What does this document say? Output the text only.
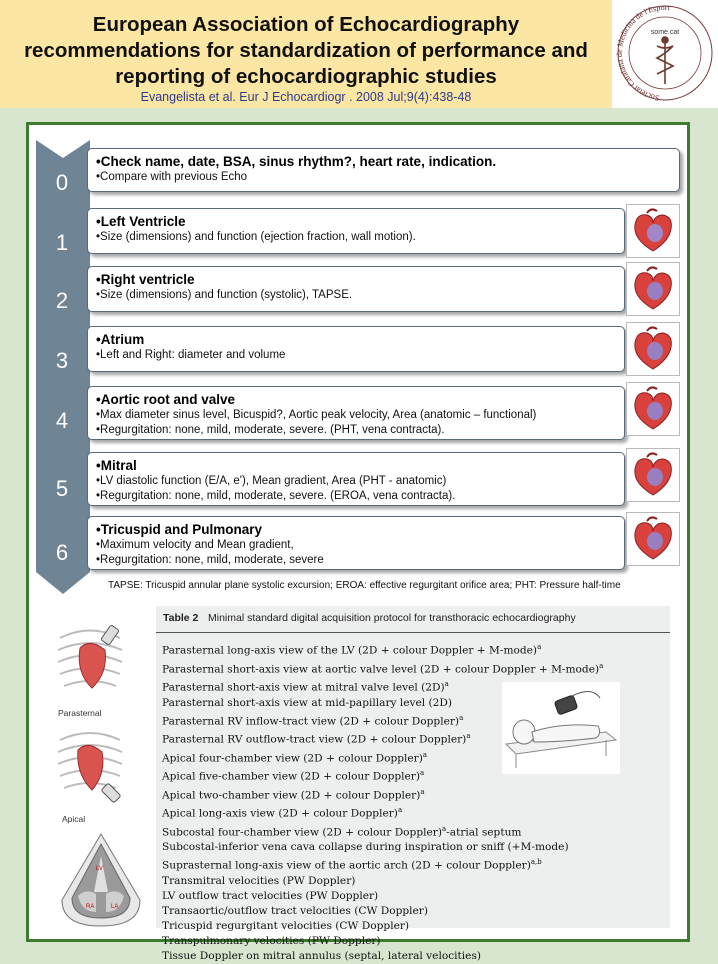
European Association of Echocardiography
recommendations for standardization of performance and
reporting of echocardiographic studies
Evangelista et al. Eur J Echocardiogr . 2008 Jul;9(4):438-48	Societat Catalana de Medicina de l'Esport
some.cat
0
•Check name, date, BSA, sinus rhythm?, heart rate, indication.
•Compare with previous Echo
1
•Left Ventricle
•Size (dimensions) and function (ejection fraction, wall motion).
2
•Right ventricle
•Size (dimensions) and function (systolic), TAPSE.
3
•Atrium
•Left and Right: diameter and volume
4
•Aortic root and valve
•Max diameter sinus level, Bicuspid?, Aortic peak velocity, Area (anatomic – functional)
•Regurgitation: none, mild, moderate, severe. (PHT, vena contracta).
5
•Mitral
•LV diastolic function (E/A, e'), Mean gradient, Area (PHT - anatomic)
•Regurgitation: none, mild, moderate, severe. (EROA, vena contracta).
6
•Tricuspid and Pulmonary
•Maximum velocity and Mean gradient,
•Regurgitation: none, mild, moderate, severe
TAPSE: Tricuspid annular plane systolic excursion; EROA: effective regurgitant orifice area; PHT: Pressure half-time
Parasternal
Apical
LV
RA	LA
Table 2 Minimal standard digital acquisition protocol for transthoracic echocardiography
Parasternal long-axis view of the LV (2D + colour Doppler + M-mode)$^a$
Parasternal short-axis view at aortic valve level (2D + colour Doppler + M-mode)$^a$
Parasternal short-axis view at mitral valve level $(2D)^a$
Parasternal short-axis view at mid-papillary level (2D)
Parasternal RV inflow-tract view (2D + colour Doppler)$^a$
Parasternal RV outflow-tract view (2D + colour Doppler)$^a$
Apical four-chamber view (2D + colour Doppler)$^a$
Apical five-chamber view (2D + colour Doppler)$^a$
Apical two-chamber view (2D + colour Doppler)$^a$
Apical long-axis view (2D + colour Doppler)$^a$
Subcostal four-chamber view (2D + colour Doppler)$^a$-atrial septum
Subcostal-inferior vena cava collapse during inspiration or sniff (+M-mode)
Suprasternal long-axis view of the aortic arch (2D + colour Doppler)$^{a,b}$
Transmitral velocities (PW Doppler)
LV outflow tract velocities (PW Doppler)
Transaortic/outflow tract velocities (CW Doppler)
Tricuspid regurgitant velocities (CW Doppler)
Transpulmonary velocities (PW Doppler)
Tissue Doppler on mitral annulus (septal, lateral velocities)
